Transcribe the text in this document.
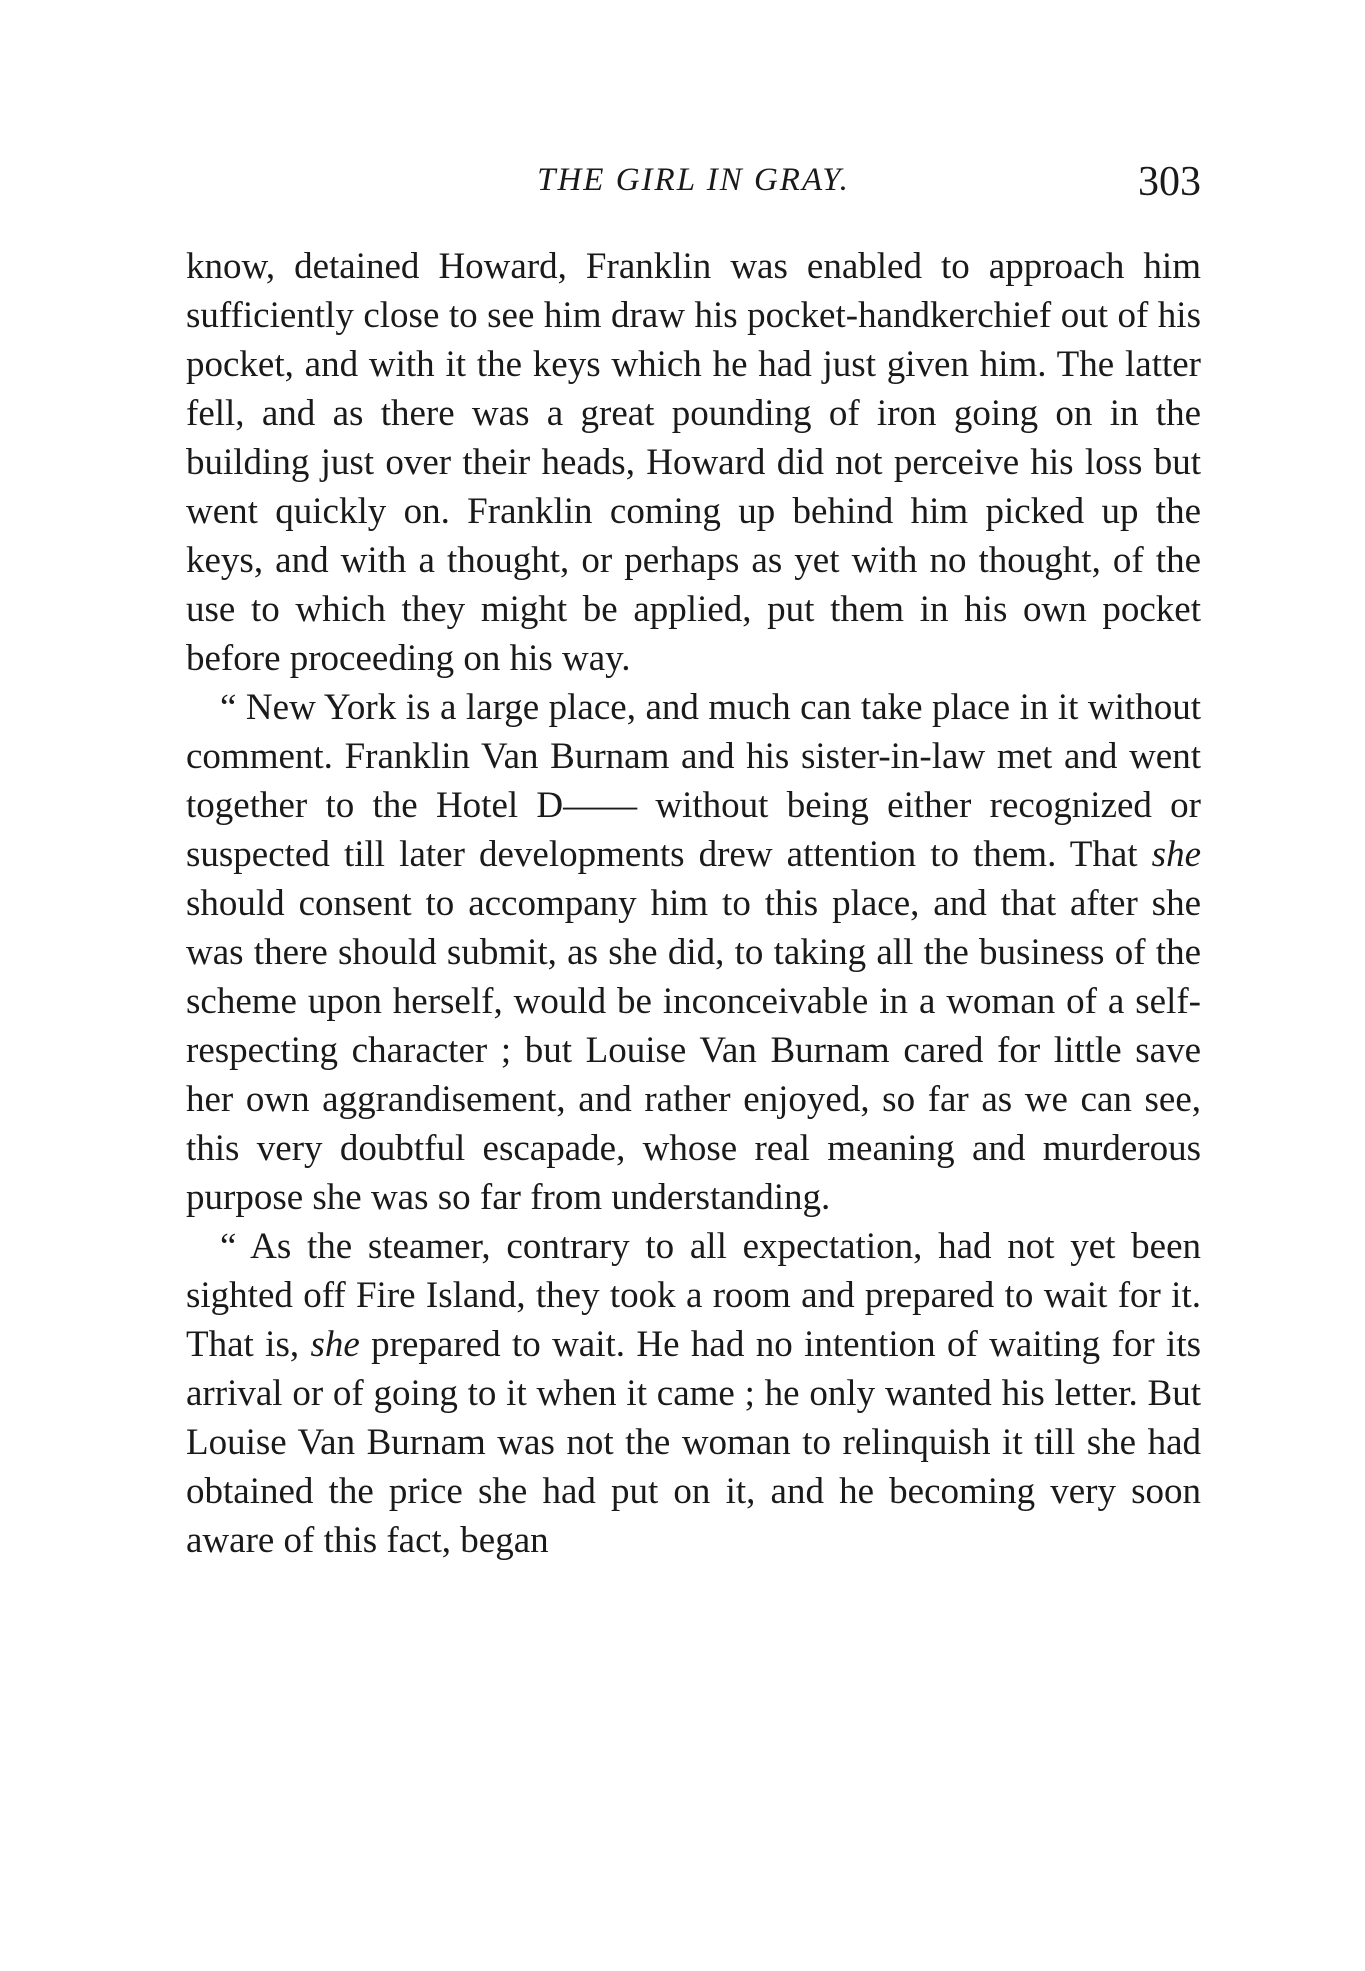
THE GIRL IN GRAY.	303

know, detained Howard, Franklin was enabled to approach him sufficiently close to see him draw his pocket-handkerchief out of his pocket, and with it the keys which he had just given him. The latter fell, and as there was a great pounding of iron going on in the building just over their heads, Howard did not perceive his loss but went quickly on. Franklin coming up behind him picked up the keys, and with a thought, or perhaps as yet with no thought, of the use to which they might be applied, put them in his own pocket before proceeding on his way.

“ New York is a large place, and much can take place in it without comment. Franklin Van Burnam and his sister-in-law met and went together to the Hotel D—— without being either recognized or suspected till later developments drew attention to them. That she should consent to accompany him to this place, and that after she was there should submit, as she did, to taking all the business of the scheme upon herself, would be inconceivable in a woman of a self-respecting character ; but Louise Van Burnam cared for little save her own aggrandisement, and rather enjoyed, so far as we can see, this very doubtful escapade, whose real meaning and murderous purpose she was so far from understanding.

“ As the steamer, contrary to all expectation, had not yet been sighted off Fire Island, they took a room and prepared to wait for it. That is, she prepared to wait. He had no intention of waiting for its arrival or of going to it when it came ; he only wanted his letter. But Louise Van Burnam was not the woman to relinquish it till she had obtained the price she had put on it, and he becoming very soon aware of this fact, began
